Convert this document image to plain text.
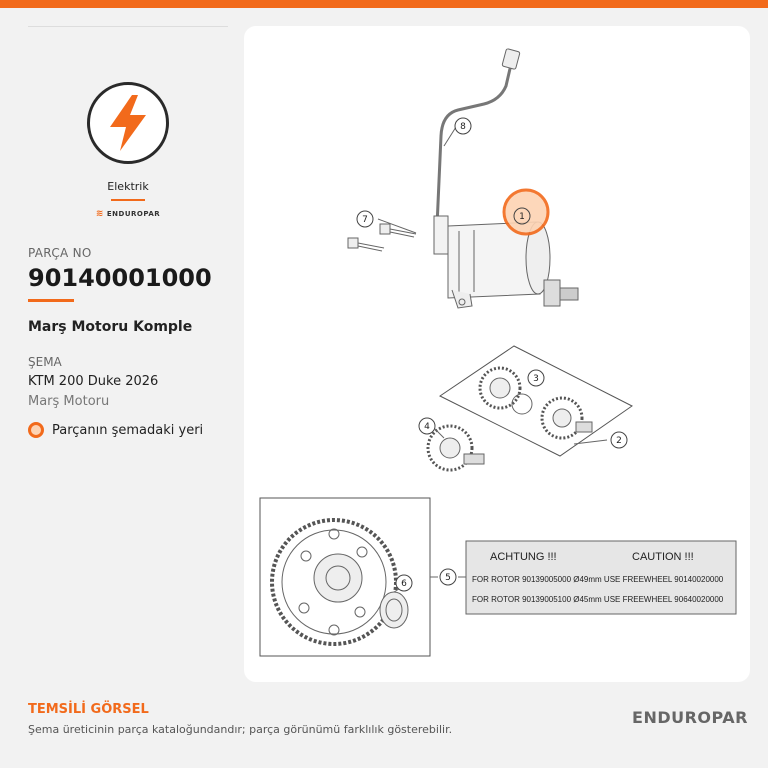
Elektrik
≋ ENDUROPAR
PARÇA NO
90140001000
Marş Motoru Komple
ŞEMA
KTM 200 Duke 2026
Marş Motoru
Parçanın şemadaki yeri
ACHTUNG !!!	CAUTION !!!
FOR ROTOR 90139005000 Ø49mm USE FREEWHEEL 90140020000
FOR ROTOR 90139005100 Ø45mm USE FREEWHEEL 90640020000
1
2
3
4
5
6
7
8
TEMSİLİ GÖRSEL
Şema üreticinin parça kataloğundandır; parça görünümü farklılık gösterebilir.
ENDUROPAR
